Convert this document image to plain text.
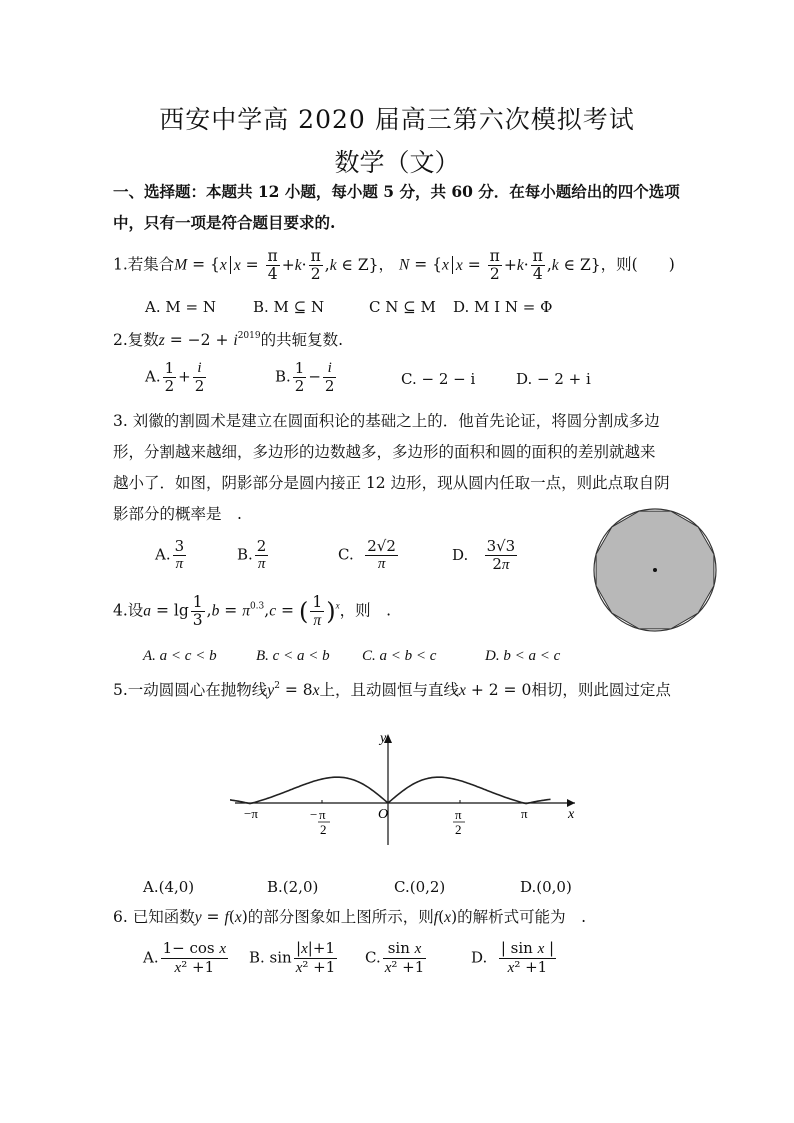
西安中学高 2020 届高三第六次模拟考试
数学（文）
一、选择题：本题共 12 小题，每小题 5 分，共 60 分．在每小题给出的四个选项
中，只有一项是符合题目要求的.
1.若集合M = {x $x = \frac{\pi}{4} +k\cdot \frac{\pi}{2} ,k$ ∈ Z}， N = {x $x = \frac{\pi}{2} +k\cdot \frac{\pi}{4} ,k$ ∈ Z}，则(　　)
A. M = N B. M ⊆ N	C N ⊆ M D. M I N = Φ
2.复数$z = -2 + i^{2019}$的共轭复数.
A. $\frac{1}{2} + \frac{i}{2}$	B. $\frac{1}{2} - \frac{i}{2}$	C. − 2 − i	D. − 2 + i
3. 刘徽的割圆术是建立在圆面积论的基础之上的．他首先论证，将圆分割成多边
形，分割越来越细，多边形的边数越多，多边形的面积和圆的面积的差别就越来
越小了．如图，阴影部分是圆内接正 12 边形，现从圆内任取一点，则此点取自阴
影部分的概率是　.
A. $\frac{3}{\pi}$	B. $\frac{2}{\pi}$	C. $\frac{2√2}{\pi}$	D. $\frac{3√3}{2\pi}$
4.设$a = \lg \frac{1}{3} ,b = \pi^{0.3},c$ = ( $\frac{1}{\pi} )^x$，则　.
A. a < c < b	B. c < a < b C. a < b < c	D. b < a < c
5.一动圆圆心在抛物线$y^2 = 8x$上，且动圆恒与直线x + 2 = 0相切，则此圆过定点
y
x
O
−π	π
− π
2
π
2
A.(4,0)	B.(2,0)	C.(0,2)	D.(0,0)
6. 已知函数y = f(x)的部分图象如上图所示，则f(x)的解析式可能为　.
A. $\frac{\text{1− cos x}}{\text{x² +1}} B$. $\sin \frac{|x|+1}{\text{x² +1}} C$. $\frac{\text{sin x}}{\text{x² +1}}$	D. $\frac{\text{| sin x |}}{\text{x² +1}}$
